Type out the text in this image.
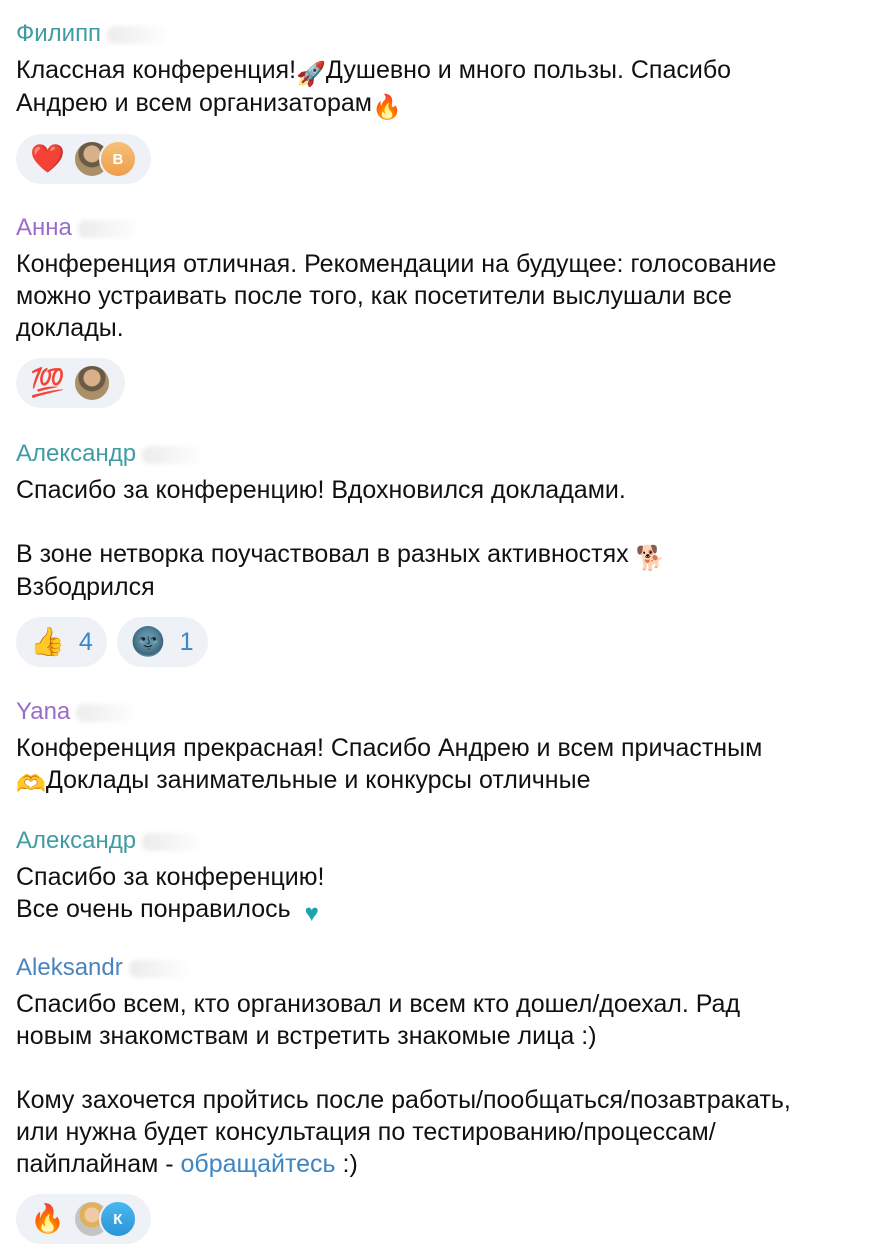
Филипп
Классная конференция!🚀Душевно и много пользы. Спасибо
Андрею и всем организаторам🔥
❤️	В
Анна
Конференция отличная. Рекомендации на будущее: голосование
можно устраивать после того, как посетители выслушали все
доклады.
💯
Александр
Спасибо за конференцию! Вдохновился докладами.

В зоне нетворка поучаствовал в разных активностях 🐕
Взбодрился
👍 4 🌚 1
Yana
Конференция прекрасная! Спасибо Андрею и всем причастным
🫶Доклады занимательные и конкурсы отличные
Александр
Спасибо за конференцию!
Все очень понравилось ♥
Aleksandr
Спасибо всем, кто организовал и всем кто дошел/доехал. Рад
новым знакомствам и встретить знакомые лица :)

Кому захочется пройтись после работы/пообщаться/позавтракать,
или нужна будет консультация по тестированию/процессам/
пайплайнам - обращайтесь :)
🔥	К
